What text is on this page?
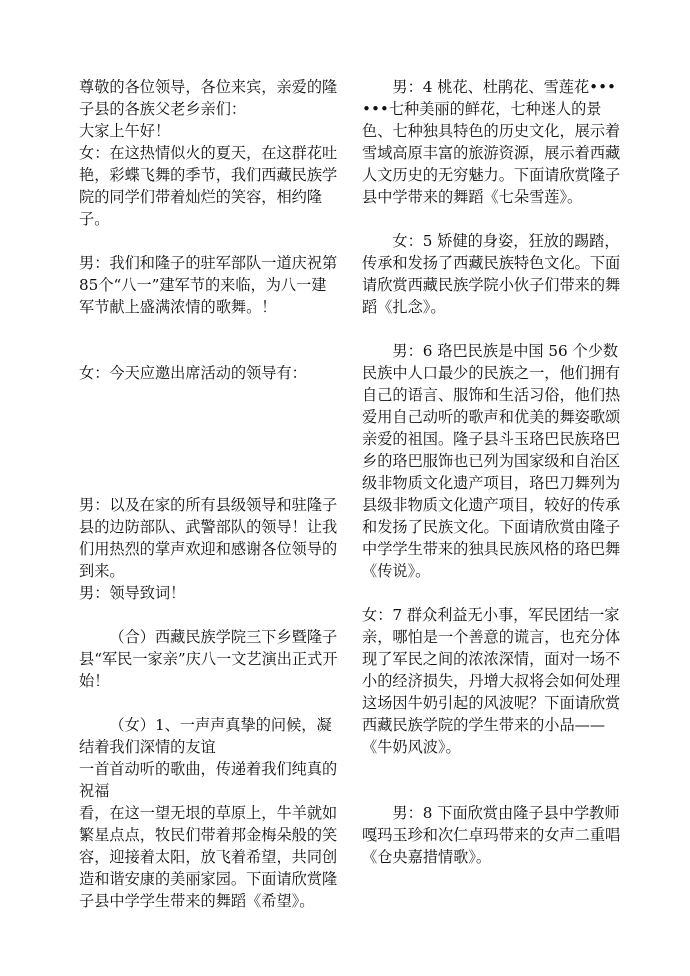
尊敬的各位领导，各位来宾，亲爱的隆子县的各族父老乡亲们：

大家上午好！

女：在这热情似火的夏天，在这群花吐艳，彩蝶飞舞的季节，我们西藏民族学院的同学们带着灿烂的笑容，相约隆子。

男：我们和隆子的驻军部队一道庆祝第85个“八一”建军节的来临，为八一建军节献上盛满浓情的歌舞。！

女：今天应邀出席活动的领导有：

男：以及在家的所有县级领导和驻隆子县的边防部队、武警部队的领导！让我们用热烈的掌声欢迎和感谢各位领导的到来。

男：领导致词！

（合）西藏民族学院三下乡暨隆子县“军民一家亲”庆八一文艺演出正式开始！

（女）1、一声声真挚的问候，凝结着我们深情的友谊

一首首动听的歌曲，传递着我们纯真的祝福

看，在这一望无垠的草原上，牛羊就如繁星点点，牧民们带着邦金梅朵般的笑容，迎接着太阳，放飞着希望，共同创造和谐安康的美丽家园。下面请欣赏隆子县中学学生带来的舞蹈《希望》。

男：4 桃花、杜鹃花、雪莲花••••••七种美丽的鲜花，七种迷人的景色、七种独具特色的历史文化，展示着雪域高原丰富的旅游资源，展示着西藏人文历史的无穷魅力。下面请欣赏隆子县中学带来的舞蹈《七朵雪莲》。

女：5 矫健的身姿，狂放的踢踏，传承和发扬了西藏民族特色文化。下面请欣赏西藏民族学院小伙子们带来的舞蹈《扎念》。

男：6 珞巴民族是中国 56 个少数民族中人口最少的民族之一，他们拥有自己的语言、服饰和生活习俗，他们热爱用自己动听的歌声和优美的舞姿歌颂亲爱的祖国。隆子县斗玉珞巴民族珞巴乡的珞巴服饰也已列为国家级和自治区级非物质文化遗产项目，珞巴刀舞列为县级非物质文化遗产项目，较好的传承和发扬了民族文化。下面请欣赏由隆子中学学生带来的独具民族风格的珞巴舞《传说》。

女：7 群众利益无小事，军民团结一家亲，哪怕是一个善意的谎言，也充分体现了军民之间的浓浓深情，面对一场不小的经济损失，丹增大叔将会如何处理这场因牛奶引起的风波呢？下面请欣赏西藏民族学院的学生带来的小品——《牛奶风波》。

男：8 下面欣赏由隆子县中学教师嘎玛玉珍和次仁卓玛带来的女声二重唱《仓央嘉措情歌》。
